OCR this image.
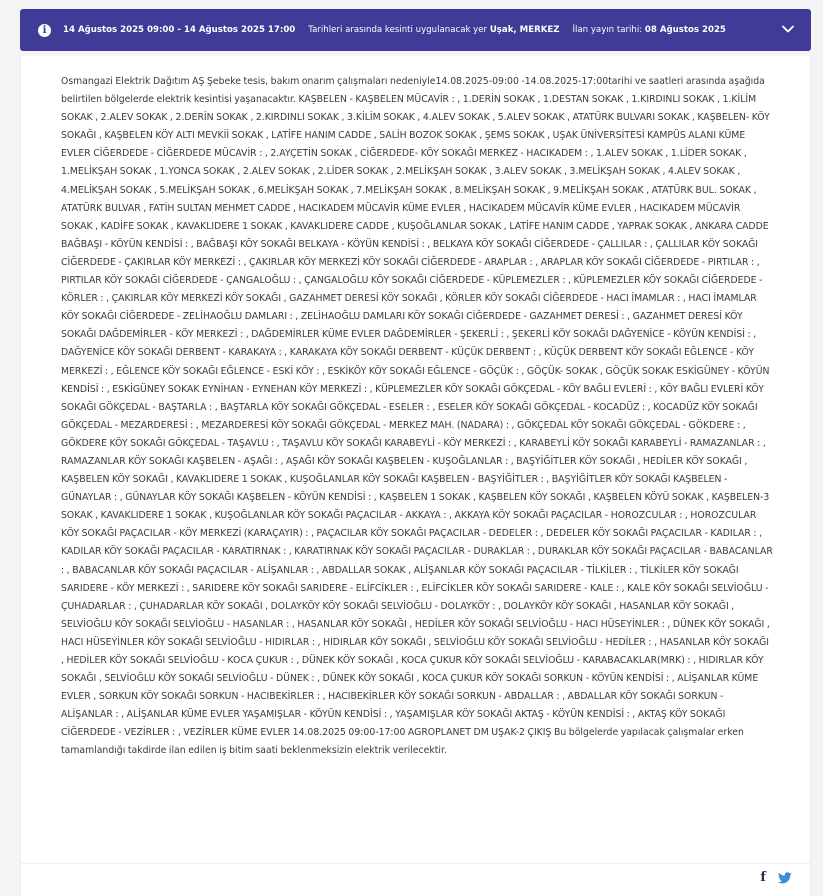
i	14 Ağustos 2025 09:00 - 14 Ağustos 2025 17:00 Tarihleri arasında kesinti uygulanacak yer Uşak, MERKEZ İlan yayın tarihi: 08 Ağustos 2025

Osmangazi Elektrik Dağıtım AŞ Şebeke tesis, bakım onarım çalışmaları nedeniyle14.08.2025-09:00 -14.08.2025-17:00tarihi ve saatleri arasında aşağıda belirtilen bölgelerde elektrik kesintisi yaşanacaktır. KAŞBELEN - KAŞBELEN MÜCAVİR : , 1.DERİN SOKAK , 1.DESTAN SOKAK , 1.KIRDINLI SOKAK , 1.KİLİM SOKAK , 2.ALEV SOKAK , 2.DERİN SOKAK , 2.KIRDINLI SOKAK , 3.KİLİM SOKAK , 4.ALEV SOKAK , 5.ALEV SOKAK , ATATÜRK BULVARI SOKAK , KAŞBELEN- KÖY SOKAĞI , KAŞBELEN KÖY ALTI MEVKİİ SOKAK , LATİFE HANIM CADDE , SALİH BOZOK SOKAK , ŞEMS SOKAK , UŞAK ÜNİVERSİTESİ KAMPÜS ALANI KÜME EVLER CİĞERDEDE - CİĞERDEDE MÜCAVİR : , 2.AYÇETİN SOKAK , CİĞERDEDE- KÖY SOKAĞI MERKEZ - HACIKADEM : , 1.ALEV SOKAK , 1.LİDER SOKAK , 1.MELİKŞAH SOKAK , 1.YONCA SOKAK , 2.ALEV SOKAK , 2.LİDER SOKAK , 2.MELİKŞAH SOKAK , 3.ALEV SOKAK , 3.MELİKŞAH SOKAK , 4.ALEV SOKAK , 4.MELİKŞAH SOKAK , 5.MELİKŞAH SOKAK , 6.MELİKŞAH SOKAK , 7.MELİKŞAH SOKAK , 8.MELİKŞAH SOKAK , 9.MELİKŞAH SOKAK , ATATÜRK BUL. SOKAK , ATATÜRK BULVAR , FATİH SULTAN MEHMET CADDE , HACIKADEM MÜCAVİR KÜME EVLER , HACIKADEM MÜCAVİR KÜME EVLER , HACIKADEM MÜCAVİR SOKAK , KADİFE SOKAK , KAVAKLIDERE 1 SOKAK , KAVAKLIDERE CADDE , KUŞOĞLANLAR SOKAK , LATİFE HANIM CADDE , YAPRAK SOKAK , ANKARA CADDE BAĞBAŞI - KÖYÜN KENDİSİ : , BAĞBAŞI KÖY SOKAĞI BELKAYA - KÖYÜN KENDİSİ : , BELKAYA KÖY SOKAĞI CİĞERDEDE - ÇALLILAR : , ÇALLILAR KÖY SOKAĞI CİĞERDEDE - ÇAKIRLAR KÖY MERKEZİ : , ÇAKIRLAR KÖY MERKEZİ KÖY SOKAĞI CİĞERDEDE - ARAPLAR : , ARAPLAR KÖY SOKAĞI CİĞERDEDE - PIRTILAR : , PIRTILAR KÖY SOKAĞI CİĞERDEDE - ÇANGALOĞLU : , ÇANGALOĞLU KÖY SOKAĞI CİĞERDEDE - KÜPLEMEZLER : , KÜPLEMEZLER KÖY SOKAĞI CİĞERDEDE - KÖRLER : , ÇAKIRLAR KÖY MERKEZİ KÖY SOKAĞI , GAZAHMET DERESİ KÖY SOKAĞI , KÖRLER KÖY SOKAĞI CİĞERDEDE - HACI İMAMLAR : , HACI İMAMLAR KÖY SOKAĞI CİĞERDEDE - ZELİHAOĞLU DAMLARI : , ZELİHAOĞLU DAMLARI KÖY SOKAĞI CİĞERDEDE - GAZAHMET DERESİ : , GAZAHMET DERESİ KÖY SOKAĞI DAĞDEMİRLER - KÖY MERKEZİ : , DAĞDEMİRLER KÜME EVLER DAĞDEMİRLER - ŞEKERLİ : , ŞEKERLİ KÖY SOKAĞI DAĞYENİCE - KÖYÜN KENDİSİ : , DAĞYENİCE KÖY SOKAĞI DERBENT - KARAKAYA : , KARAKAYA KÖY SOKAĞI DERBENT - KÜÇÜK DERBENT : , KÜÇÜK DERBENT KÖY SOKAĞI EĞLENCE - KÖY MERKEZİ : , EĞLENCE KÖY SOKAĞI EĞLENCE - ESKİ KÖY : , ESKİKÖY KÖY SOKAĞI EĞLENCE - GÖÇÜK : , GÖÇÜK- SOKAK , GÖÇÜK SOKAK ESKİGÜNEY - KÖYÜN KENDİSİ : , ESKİGÜNEY SOKAK EYNİHAN - EYNEHAN KÖY MERKEZİ : , KÜPLEMEZLER KÖY SOKAĞI GÖKÇEDAL - KÖY BAĞLI EVLERİ : , KÖY BAĞLI EVLERİ KÖY SOKAĞI GÖKÇEDAL - BAŞTARLA : , BAŞTARLA KÖY SOKAĞI GÖKÇEDAL - ESELER : , ESELER KÖY SOKAĞI GÖKÇEDAL - KOCADÜZ : , KOCADÜZ KÖY SOKAĞI GÖKÇEDAL - MEZARDERESİ : , MEZARDERESİ KÖY SOKAĞI GÖKÇEDAL - MERKEZ MAH. (NADARA) : , GÖKÇEDAL KÖY SOKAĞI GÖKÇEDAL - GÖKDERE : , GÖKDERE KÖY SOKAĞI GÖKÇEDAL - TAŞAVLU : , TAŞAVLU KÖY SOKAĞI KARABEYLİ - KÖY MERKEZİ : , KARABEYLİ KÖY SOKAĞI KARABEYLİ - RAMAZANLAR : , RAMAZANLAR KÖY SOKAĞI KAŞBELEN - AŞAĞI : , AŞAĞI KÖY SOKAĞI KAŞBELEN - KUŞOĞLANLAR : , BAŞYİĞİTLER KÖY SOKAĞI , HEDİLER KÖY SOKAĞI , KAŞBELEN KÖY SOKAĞI , KAVAKLIDERE 1 SOKAK , KUŞOĞLANLAR KÖY SOKAĞI KAŞBELEN - BAŞYİĞİTLER : , BAŞYİĞİTLER KÖY SOKAĞI KAŞBELEN - GÜNAYLAR : , GÜNAYLAR KÖY SOKAĞI KAŞBELEN - KÖYÜN KENDİSİ : , KAŞBELEN 1 SOKAK , KAŞBELEN KÖY SOKAĞI , KAŞBELEN KÖYÜ SOKAK , KAŞBELEN-3 SOKAK , KAVAKLIDERE 1 SOKAK , KUŞOĞLANLAR KÖY SOKAĞI PAÇACILAR - AKKAYA : , AKKAYA KÖY SOKAĞI PAÇACILAR - HOROZCULAR : , HOROZCULAR KÖY SOKAĞI PAÇACILAR - KÖY MERKEZİ (KARAÇAYIR) : , PAÇACILAR KÖY SOKAĞI PAÇACILAR - DEDELER : , DEDELER KÖY SOKAĞI PAÇACILAR - KADILAR : , KADILAR KÖY SOKAĞI PAÇACILAR - KARATIRNAK : , KARATIRNAK KÖY SOKAĞI PAÇACILAR - DURAKLAR : , DURAKLAR KÖY SOKAĞI PAÇACILAR - BABACANLAR : , BABACANLAR KÖY SOKAĞI PAÇACILAR - ALİŞANLAR : , ABDALLAR SOKAK , ALİŞANLAR KÖY SOKAĞI PAÇACILAR - TİLKİLER : , TİLKİLER KÖY SOKAĞI SARIDERE - KÖY MERKEZİ : , SARIDERE KÖY SOKAĞI SARIDERE - ELİFCİKLER : , ELİFCİKLER KÖY SOKAĞI SARIDERE - KALE : , KALE KÖY SOKAĞI SELVİOĞLU - ÇUHADARLAR : , ÇUHADARLAR KÖY SOKAĞI , DOLAYKÖY KÖY SOKAĞI SELVİOĞLU - DOLAYKÖY : , DOLAYKÖY KÖY SOKAĞI , HASANLAR KÖY SOKAĞI , SELVİOĞLU KÖY SOKAĞI SELVİOĞLU - HASANLAR : , HASANLAR KÖY SOKAĞI , HEDİLER KÖY SOKAĞI SELVİOĞLU - HACI HÜSEYİNLER : , DÜNEK KÖY SOKAĞI , HACI HÜSEYİNLER KÖY SOKAĞI SELVİOĞLU - HIDIRLAR : , HIDIRLAR KÖY SOKAĞI , SELVİOĞLU KÖY SOKAĞI SELVİOĞLU - HEDİLER : , HASANLAR KÖY SOKAĞI , HEDİLER KÖY SOKAĞI SELVİOĞLU - KOCA ÇUKUR : , DÜNEK KÖY SOKAĞI , KOCA ÇUKUR KÖY SOKAĞI SELVİOĞLU - KARABACAKLAR(MRK) : , HIDIRLAR KÖY SOKAĞI , SELVİOĞLU KÖY SOKAĞI SELVİOĞLU - DÜNEK : , DÜNEK KÖY SOKAĞI , KOCA ÇUKUR KÖY SOKAĞI SORKUN - KÖYÜN KENDİSİ : , ALİŞANLAR KÜME EVLER , SORKUN KÖY SOKAĞI SORKUN - HACIBEKİRLER : , HACIBEKİRLER KÖY SOKAĞI SORKUN - ABDALLAR : , ABDALLAR KÖY SOKAĞI SORKUN - ALİŞANLAR : , ALİŞANLAR KÜME EVLER YAŞAMIŞLAR - KÖYÜN KENDİSİ : , YAŞAMIŞLAR KÖY SOKAĞI AKTAŞ - KÖYÜN KENDİSİ : , AKTAŞ KÖY SOKAĞI CİĞERDEDE - VEZİRLER : , VEZİRLER KÜME EVLER 14.08.2025 09:00-17:00 AGROPLANET DM UŞAK-2 ÇIKIŞ Bu bölgelerde yapılacak çalışmalar erken tamamlandığı takdirde ilan edilen iş bitim saati beklenmeksizin elektrik verilecektir.

f
